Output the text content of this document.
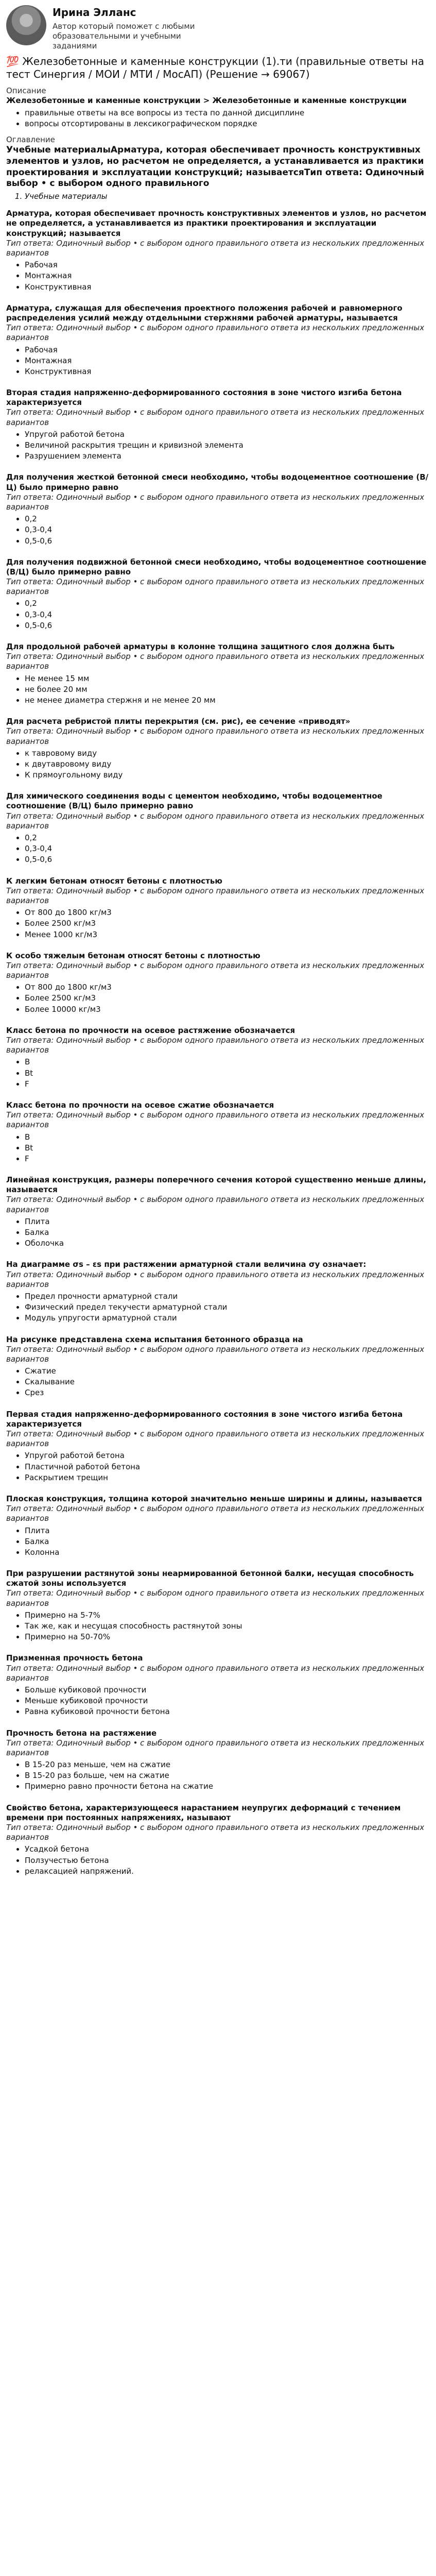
Ирина Элланс
Автор который поможет с любыми образовательными и учебными заданиями
💯 Железобетонные и каменные конструкции (1).ти (правильные ответы на тест Синергия / МОИ / МТИ / МосАП) (Решение → 69067)
Описание
Железобетонные и каменные конструкции > Железобетонные и каменные конструкции
• правильные ответы на все вопросы из теста по данной дисциплине
• вопросы отсортированы в лексикографическом порядке
Оглавление
Учебные материалыАрматура, которая обеспечивает прочность конструктивных элементов и узлов, но расчетом не определяется, а устанавливается из практики проектирования и эксплуатации конструкций; называетсяТип ответа: Одиночный выбор • с выбором одного правильного
1. Учебные материалы
Арматура, которая обеспечивает прочность конструктивных элементов и узлов, но расчетом не определяется, а устанавливается из практики проектирования и эксплуатации конструкций; называется
Тип ответа: Одиночный выбор • с выбором одного правильного ответа из нескольких предложенных вариантов
• Рабочая
• Монтажная
• Конструктивная
Арматура, служащая для обеспечения проектного положения рабочей и равномерного распределения усилий между отдельными стержнями рабочей арматуры, называется
Тип ответа: Одиночный выбор • с выбором одного правильного ответа из нескольких предложенных вариантов
• Рабочая
• Монтажная
• Конструктивная
Вторая стадия напряженно-деформированного состояния в зоне чистого изгиба бетона характеризуется
Тип ответа: Одиночный выбор • с выбором одного правильного ответа из нескольких предложенных вариантов
• Упругой работой бетона
• Величиной раскрытия трещин и кривизной элемента
• Разрушением элемента
Для получения жесткой бетонной смеси необходимо, чтобы водоцементное соотношение (В/Ц) было примерно равно
Тип ответа: Одиночный выбор • с выбором одного правильного ответа из нескольких предложенных вариантов
• 0,2
• 0,3-0,4
• 0,5-0,6
Для получения подвижной бетонной смеси необходимо, чтобы водоцементное соотношение (В/Ц) было примерно равно
Тип ответа: Одиночный выбор • с выбором одного правильного ответа из нескольких предложенных вариантов
• 0,2
• 0,3-0,4
• 0,5-0,6
Для продольной рабочей арматуры в колонне толщина защитного слоя должна быть
Тип ответа: Одиночный выбор • с выбором одного правильного ответа из нескольких предложенных вариантов
• Не менее 15 мм
• не более 20 мм
• не менее диаметра стержня и не менее 20 мм
Для расчета ребристой плиты перекрытия (см. рис), ее сечение «приводят»
Тип ответа: Одиночный выбор • с выбором одного правильного ответа из нескольких предложенных вариантов
• к тавровому виду
• к двутавровому виду
• К прямоугольному виду
Для химического соединения воды с цементом необходимо, чтобы водоцементное соотношение (В/Ц) было примерно равно
Тип ответа: Одиночный выбор • с выбором одного правильного ответа из нескольких предложенных вариантов
• 0,2
• 0,3-0,4
• 0,5-0,6
К легким бетонам относят бетоны с плотностью
Тип ответа: Одиночный выбор • с выбором одного правильного ответа из нескольких предложенных вариантов
• От 800 до 1800 кг/м3
• Более 2500 кг/м3
• Менее 1000 кг/м3
К особо тяжелым бетонам относят бетоны с плотностью
Тип ответа: Одиночный выбор • с выбором одного правильного ответа из нескольких предложенных вариантов
• От 800 до 1800 кг/м3
• Более 2500 кг/м3
• Более 10000 кг/м3
Класс бетона по прочности на осевое растяжение обозначается
Тип ответа: Одиночный выбор • с выбором одного правильного ответа из нескольких предложенных вариантов
• B
• Bt
• F
Класс бетона по прочности на осевое сжатие обозначается
Тип ответа: Одиночный выбор • с выбором одного правильного ответа из нескольких предложенных вариантов
• B
• Bt
• F
Линейная конструкция, размеры поперечного сечения которой существенно меньше длины, называется
Тип ответа: Одиночный выбор • с выбором одного правильного ответа из нескольких предложенных вариантов
• Плита
• Балка
• Оболочка
На диаграмме σs – εs при растяжении арматурной стали величина σу означает:
Тип ответа: Одиночный выбор • с выбором одного правильного ответа из нескольких предложенных вариантов
• Предел прочности арматурной стали
• Физический предел текучести арматурной стали
• Модуль упругости арматурной стали
На рисунке представлена схема испытания бетонного образца на
Тип ответа: Одиночный выбор • с выбором одного правильного ответа из нескольких предложенных вариантов
• Сжатие
• Скалывание
• Срез
Первая стадия напряженно-деформированного состояния в зоне чистого изгиба бетона характеризуется
Тип ответа: Одиночный выбор • с выбором одного правильного ответа из нескольких предложенных вариантов
• Упругой работой бетона
• Пластичной работой бетона
• Раскрытием трещин
Плоская конструкция, толщина которой значительно меньше ширины и длины, называется
Тип ответа: Одиночный выбор • с выбором одного правильного ответа из нескольких предложенных вариантов
• Плита
• Балка
• Колонна
При разрушении растянутой зоны неармированной бетонной балки, несущая способность сжатой зоны используется
Тип ответа: Одиночный выбор • с выбором одного правильного ответа из нескольких предложенных вариантов
• Примерно на 5-7%
• Так же, как и несущая способность растянутой зоны
• Примерно на 50-70%
Призменная прочность бетона
Тип ответа: Одиночный выбор • с выбором одного правильного ответа из нескольких предложенных вариантов
• Больше кубиковой прочности
• Меньше кубиковой прочности
• Равна кубиковой прочности бетона
Прочность бетона на растяжение
Тип ответа: Одиночный выбор • с выбором одного правильного ответа из нескольких предложенных вариантов
• В 15-20 раз меньше, чем на сжатие
• В 15-20 раз больше, чем на сжатие
• Примерно равно прочности бетона на сжатие
Свойство бетона, характеризующееся нарастанием неупругих деформаций с течением времени при постоянных напряжениях, называют
Тип ответа: Одиночный выбор • с выбором одного правильного ответа из нескольких предложенных вариантов
• Усадкой бетона
• Ползучестью бетона
• релаксацией напряжений.
